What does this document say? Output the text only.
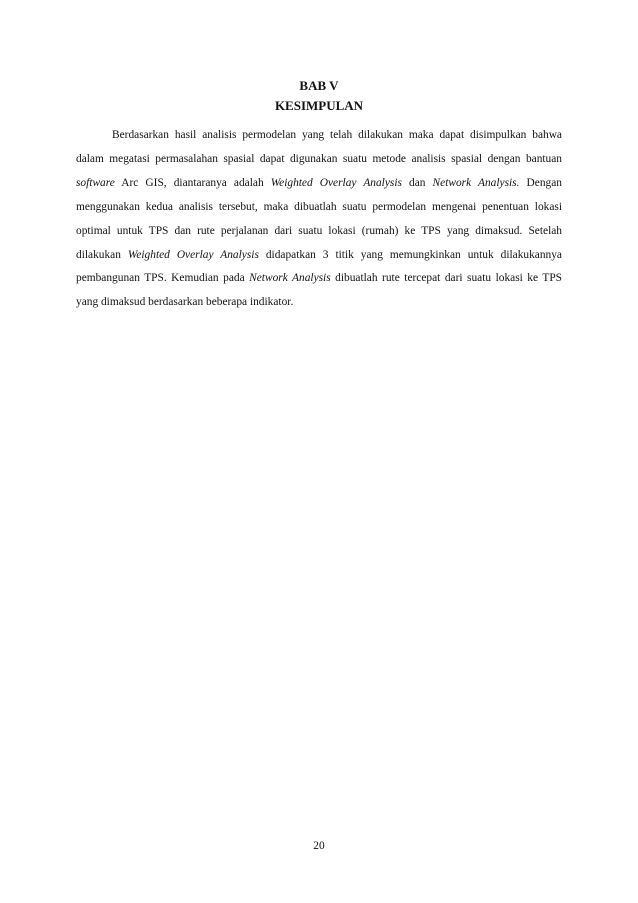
BAB V
KESIMPULAN

Berdasarkan hasil analisis permodelan yang telah dilakukan maka dapat disimpulkan bahwa dalam megatasi permasalahan spasial dapat digunakan suatu metode analisis spasial dengan bantuan software Arc GIS, diantaranya adalah Weighted Overlay Analysis dan Network Analysis. Dengan menggunakan kedua analisis tersebut, maka dibuatlah suatu permodelan mengenai penentuan lokasi optimal untuk TPS dan rute perjalanan dari suatu lokasi (rumah) ke TPS yang dimaksud. Setelah dilakukan Weighted Overlay Analysis didapatkan 3 titik yang memungkinkan untuk dilakukannya pembangunan TPS. Kemudian pada Network Analysis dibuatlah rute tercepat dari suatu lokasi ke TPS yang dimaksud berdasarkan beberapa indikator.

20
